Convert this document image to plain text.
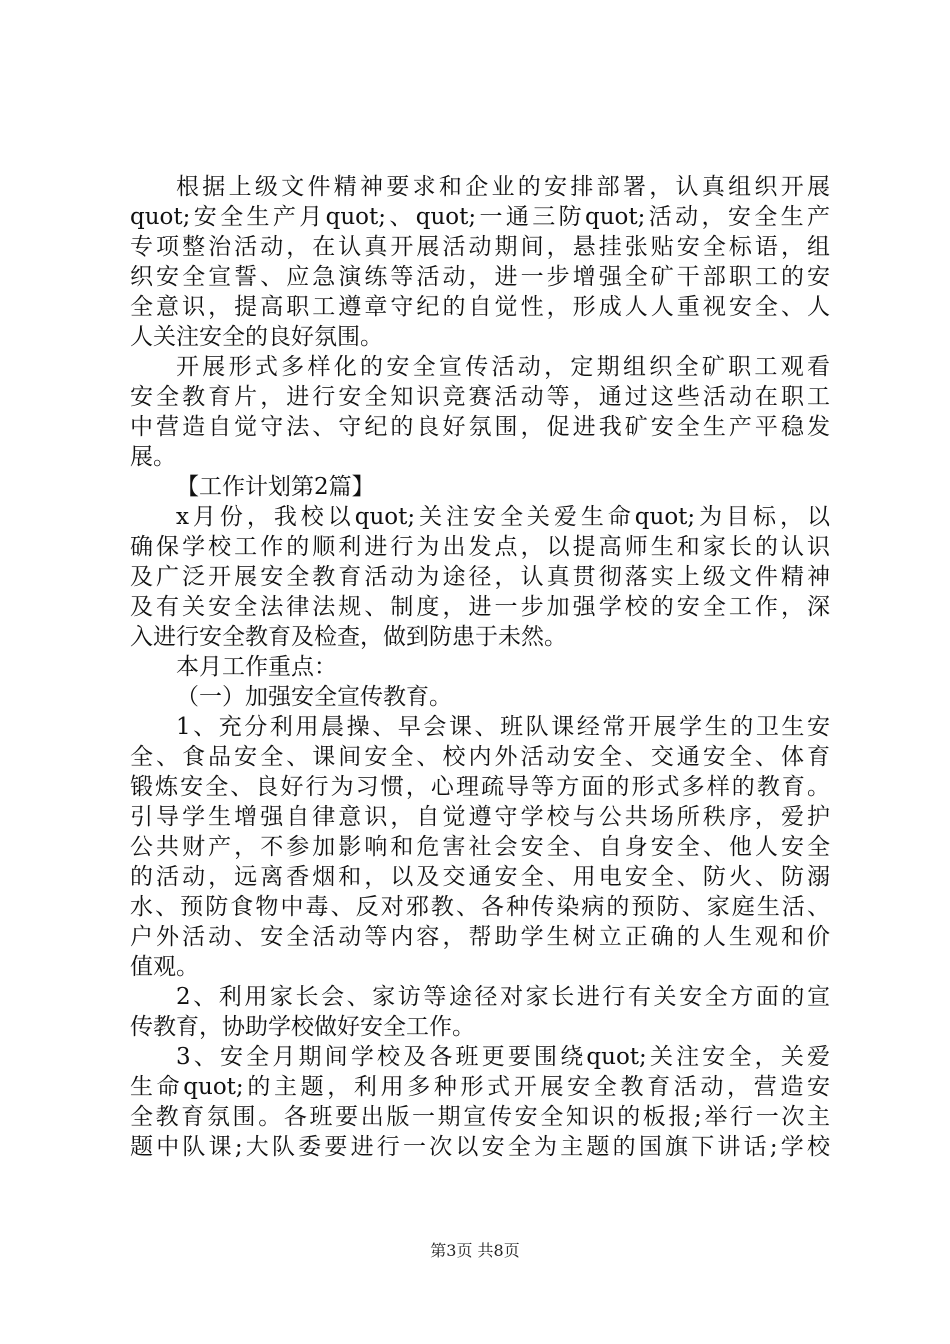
根据上级文件精神要求和企业的安排部署，认真组织开展
quot;安全生产月quot;、quot;一通三防quot;活动，安全生产
专项整治活动，在认真开展活动期间，悬挂张贴安全标语，组
织安全宣誓、应急演练等活动，进一步增强全矿干部职工的安
全意识，提高职工遵章守纪的自觉性，形成人人重视安全、人
人关注安全的良好氛围。
开展形式多样化的安全宣传活动，定期组织全矿职工观看
安全教育片，进行安全知识竞赛活动等，通过这些活动在职工
中营造自觉守法、守纪的良好氛围，促进我矿安全生产平稳发
展。
【工作计划第2篇】
x月份，我校以quot;关注安全关爱生命quot;为目标，以
确保学校工作的顺利进行为出发点，以提高师生和家长的认识
及广泛开展安全教育活动为途径，认真贯彻落实上级文件精神
及有关安全法律法规、制度，进一步加强学校的安全工作，深
入进行安全教育及检查，做到防患于未然。
本月工作重点：
（一）加强安全宣传教育。
1、充分利用晨操、早会课、班队课经常开展学生的卫生安
全、食品安全、课间安全、校内外活动安全、交通安全、体育
锻炼安全、良好行为习惯，心理疏导等方面的形式多样的教育。
引导学生增强自律意识，自觉遵守学校与公共场所秩序，爱护
公共财产，不参加影响和危害社会安全、自身安全、他人安全
的活动，远离香烟和，以及交通安全、用电安全、防火、防溺
水、预防食物中毒、反对邪教、各种传染病的预防、家庭生活、
户外活动、安全活动等内容，帮助学生树立正确的人生观和价
值观。
2、利用家长会、家访等途径对家长进行有关安全方面的宣
传教育，协助学校做好安全工作。
3、安全月期间学校及各班更要围绕quot;关注安全，关爱
生命quot;的主题，利用多种形式开展安全教育活动，营造安
全教育氛围。各班要出版一期宣传安全知识的板报;举行一次主
题中队课;大队委要进行一次以安全为主题的国旗下讲话;学校
第3页 共8页
